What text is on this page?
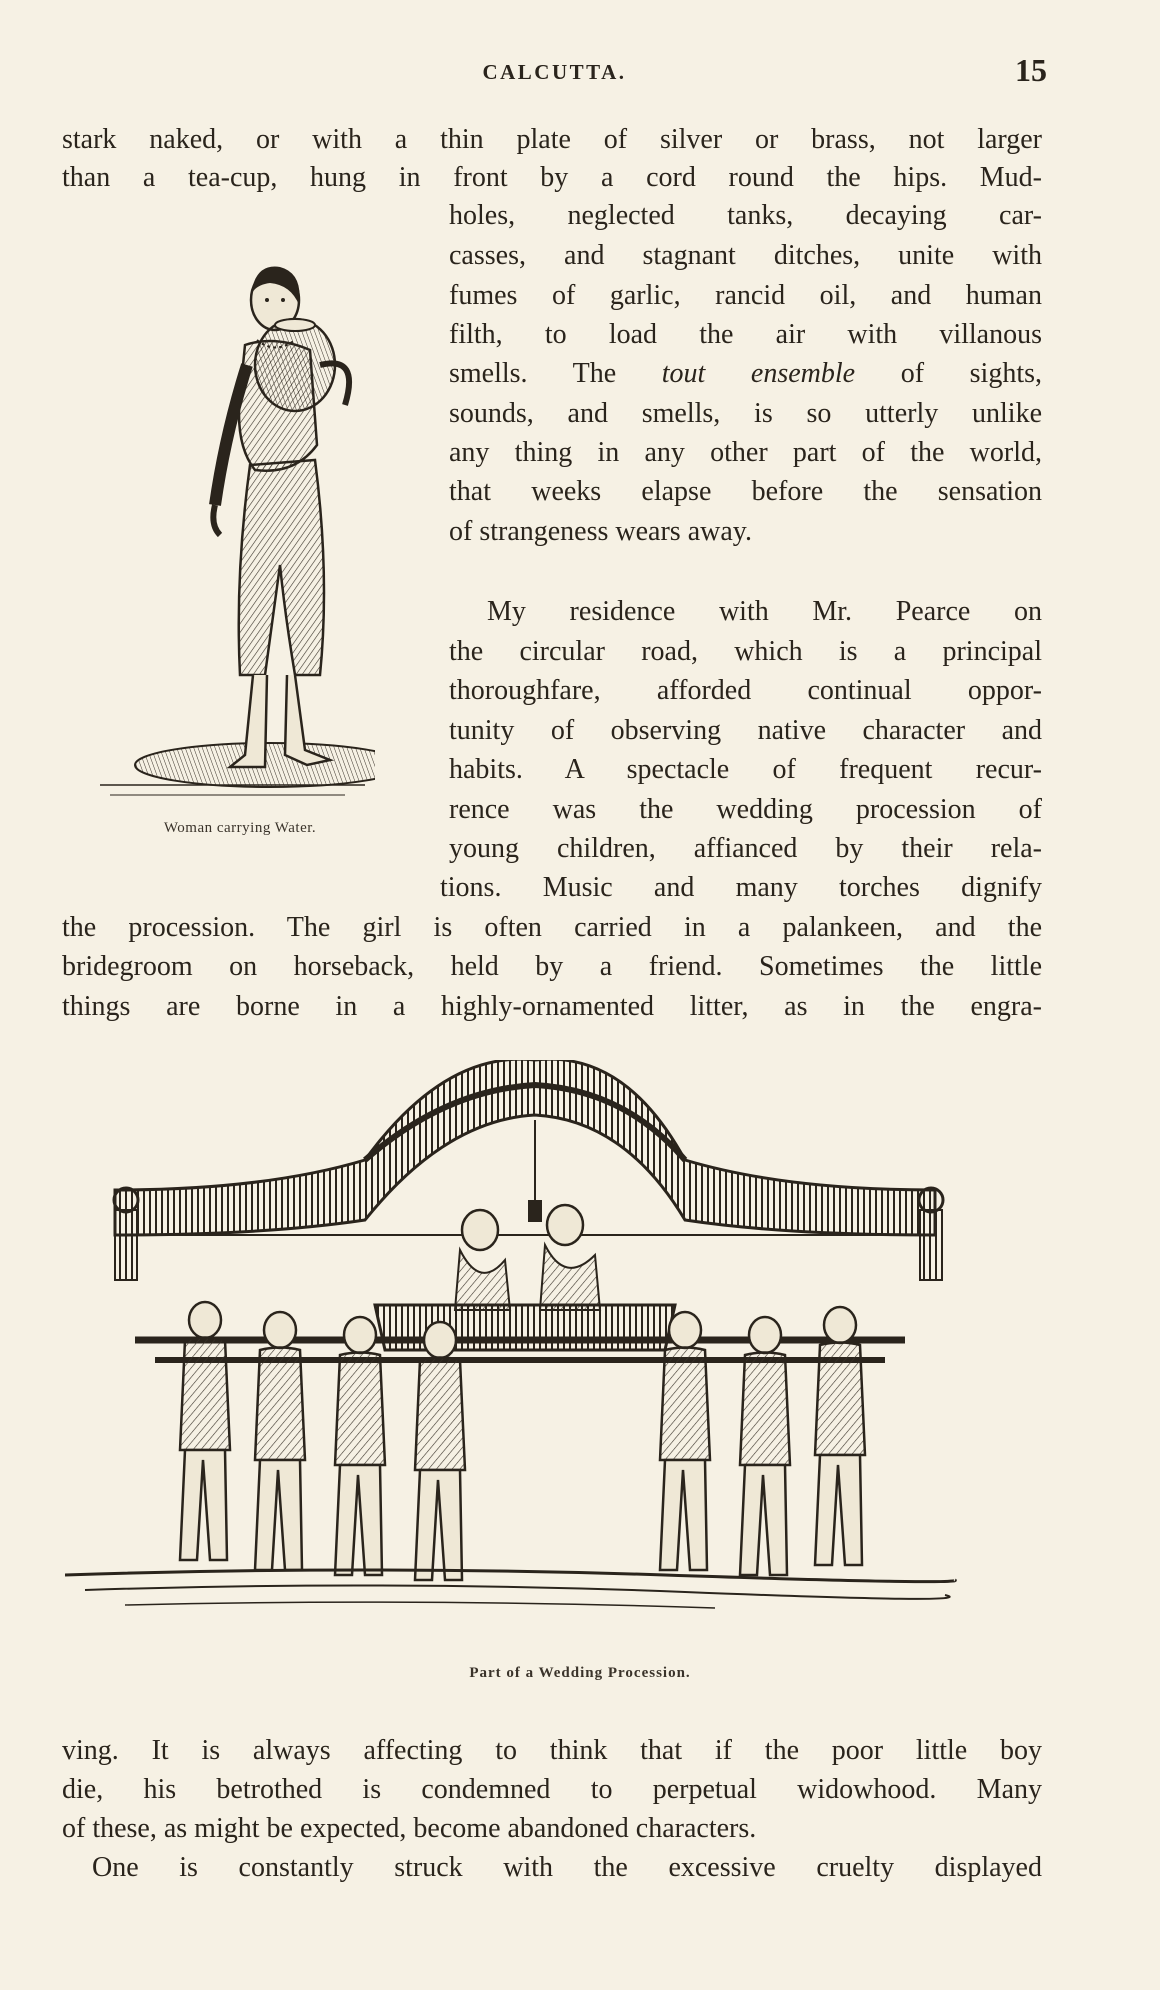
CALCUTTA.	15
stark naked, or with a thin plate of silver or brass, not larger
than a tea-cup, hung in front by a cord round the hips. Mud-
holes, neglected tanks, decaying car-
casses, and stagnant ditches, unite with
fumes of garlic, rancid oil, and human
filth, to load the air with villanous
smells. The tout ensemble of sights,
sounds, and smells, is so utterly unlike
any thing in any other part of the world,
that weeks elapse before the sensation
of strangeness wears away.
My residence with Mr. Pearce on
the circular road, which is a principal
thoroughfare, afforded continual oppor-
tunity of observing native character and
habits. A spectacle of frequent recur-
rence was the wedding procession of
young children, affianced by their rela-
tions. Music and many torches dignify
the procession. The girl is often carried in a palankeen, and the
bridegroom on horseback, held by a friend. Sometimes the little
things are borne in a highly-ornamented litter, as in the engra-
Woman carrying Water.
Part of a Wedding Procession.
ving. It is always affecting to think that if the poor little boy
die, his betrothed is condemned to perpetual widowhood. Many
of these, as might be expected, become abandoned characters.
One is constantly struck with the excessive cruelty displayed
